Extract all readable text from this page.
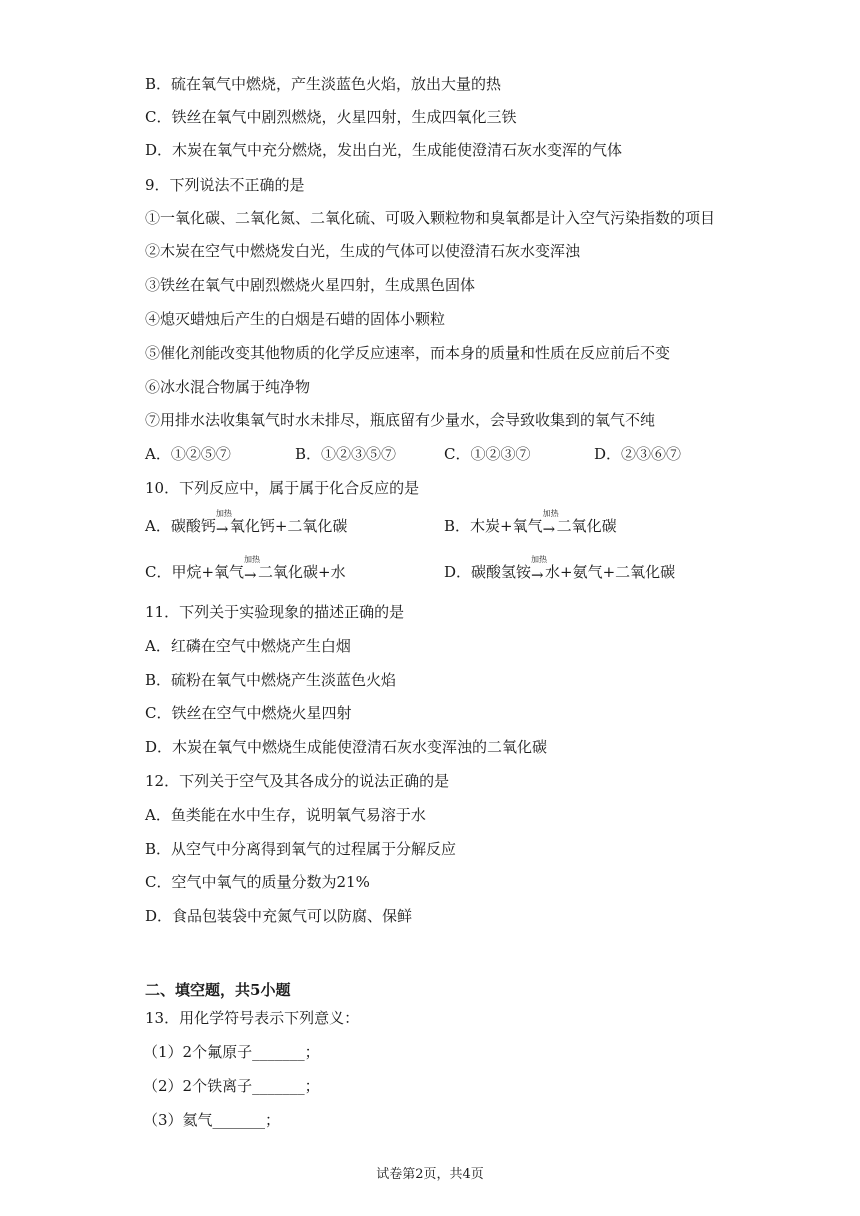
B．硫在氧气中燃烧，产生淡蓝色火焰，放出大量的热
C．铁丝在氧气中剧烈燃烧，火星四射，生成四氧化三铁
D．木炭在氧气中充分燃烧，发出白光，生成能使澄清石灰水变浑的气体
9．下列说法不正确的是
①一氧化碳、二氧化氮、二氧化硫、可吸入颗粒物和臭氧都是计入空气污染指数的项目
②木炭在空气中燃烧发白光，生成的气体可以使澄清石灰水变浑浊
③铁丝在氧气中剧烈燃烧火星四射，生成黑色固体
④熄灭蜡烛后产生的白烟是石蜡的固体小颗粒
⑤催化剂能改变其他物质的化学反应速率，而本身的质量和性质在反应前后不变
⑥冰水混合物属于纯净物
⑦用排水法收集氧气时水未排尽，瓶底留有少量水，会导致收集到的氧气不纯
A．①②⑤⑦	B．①②③⑤⑦	C．①②③⑦	D．②③⑥⑦
10．下列反应中，属于属于化合反应的是
A．碳酸钙
加热
→ 氧化钙+二氧化碳	B．木炭+氧气
加热
→ 二氧化碳
C．甲烷+氧气
加热
→ 二氧化碳+水	D．碳酸氢铵
加热
→ 水+氨气+二氧化碳
11．下列关于实验现象的描述正确的是
A．红磷在空气中燃烧产生白烟
B．硫粉在氧气中燃烧产生淡蓝色火焰
C．铁丝在空气中燃烧火星四射
D．木炭在氧气中燃烧生成能使澄清石灰水变浑浊的二氧化碳
12．下列关于空气及其各成分的说法正确的是
A．鱼类能在水中生存，说明氧气易溶于水
B．从空气中分离得到氧气的过程属于分解反应
C．空气中氧气的质量分数为21%
D．食品包装袋中充氮气可以防腐、保鲜
二、填空题，共5小题
13．用化学符号表示下列意义：
（1）2个氟原子_______；
（2）2个铁离子_______；
（3）氦气_______；
试卷第2页，共4页
